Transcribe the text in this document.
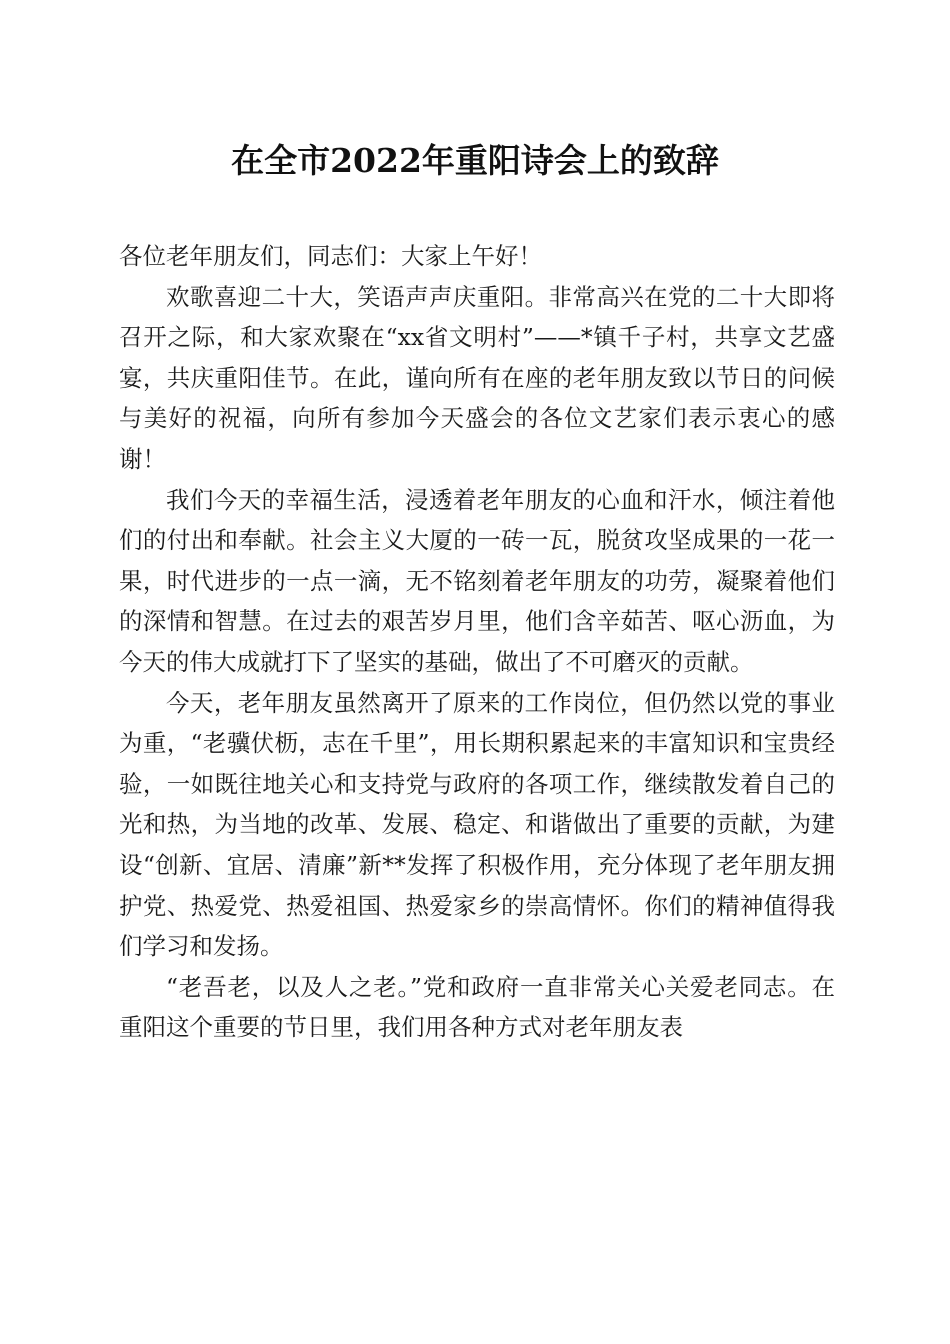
在全市2022年重阳诗会上的致辞

各位老年朋友们，同志们：大家上午好！

欢歌喜迎二十大，笑语声声庆重阳。非常高兴在党的二十大即将召开之际，和大家欢聚在“xx省文明村”——*镇千子村，共享文艺盛宴，共庆重阳佳节。在此，谨向所有在座的老年朋友致以节日的问候与美好的祝福，向所有参加今天盛会的各位文艺家们表示衷心的感谢！

我们今天的幸福生活，浸透着老年朋友的心血和汗水，倾注着他们的付出和奉献。社会主义大厦的一砖一瓦，脱贫攻坚成果的一花一果，时代进步的一点一滴，无不铭刻着老年朋友的功劳，凝聚着他们的深情和智慧。在过去的艰苦岁月里，他们含辛茹苦、呕心沥血，为今天的伟大成就打下了坚实的基础，做出了不可磨灭的贡献。

今天，老年朋友虽然离开了原来的工作岗位，但仍然以党的事业为重，“老骥伏枥，志在千里”，用长期积累起来的丰富知识和宝贵经验，一如既往地关心和支持党与政府的各项工作，继续散发着自己的光和热，为当地的改革、发展、稳定、和谐做出了重要的贡献，为建设“创新、宜居、清廉”新**发挥了积极作用，充分体现了老年朋友拥护党、热爱党、热爱祖国、热爱家乡的崇高情怀。你们的精神值得我们学习和发扬。

“老吾老，以及人之老。”党和政府一直非常关心关爱老同志。在重阳这个重要的节日里，我们用各种方式对老年朋友表
